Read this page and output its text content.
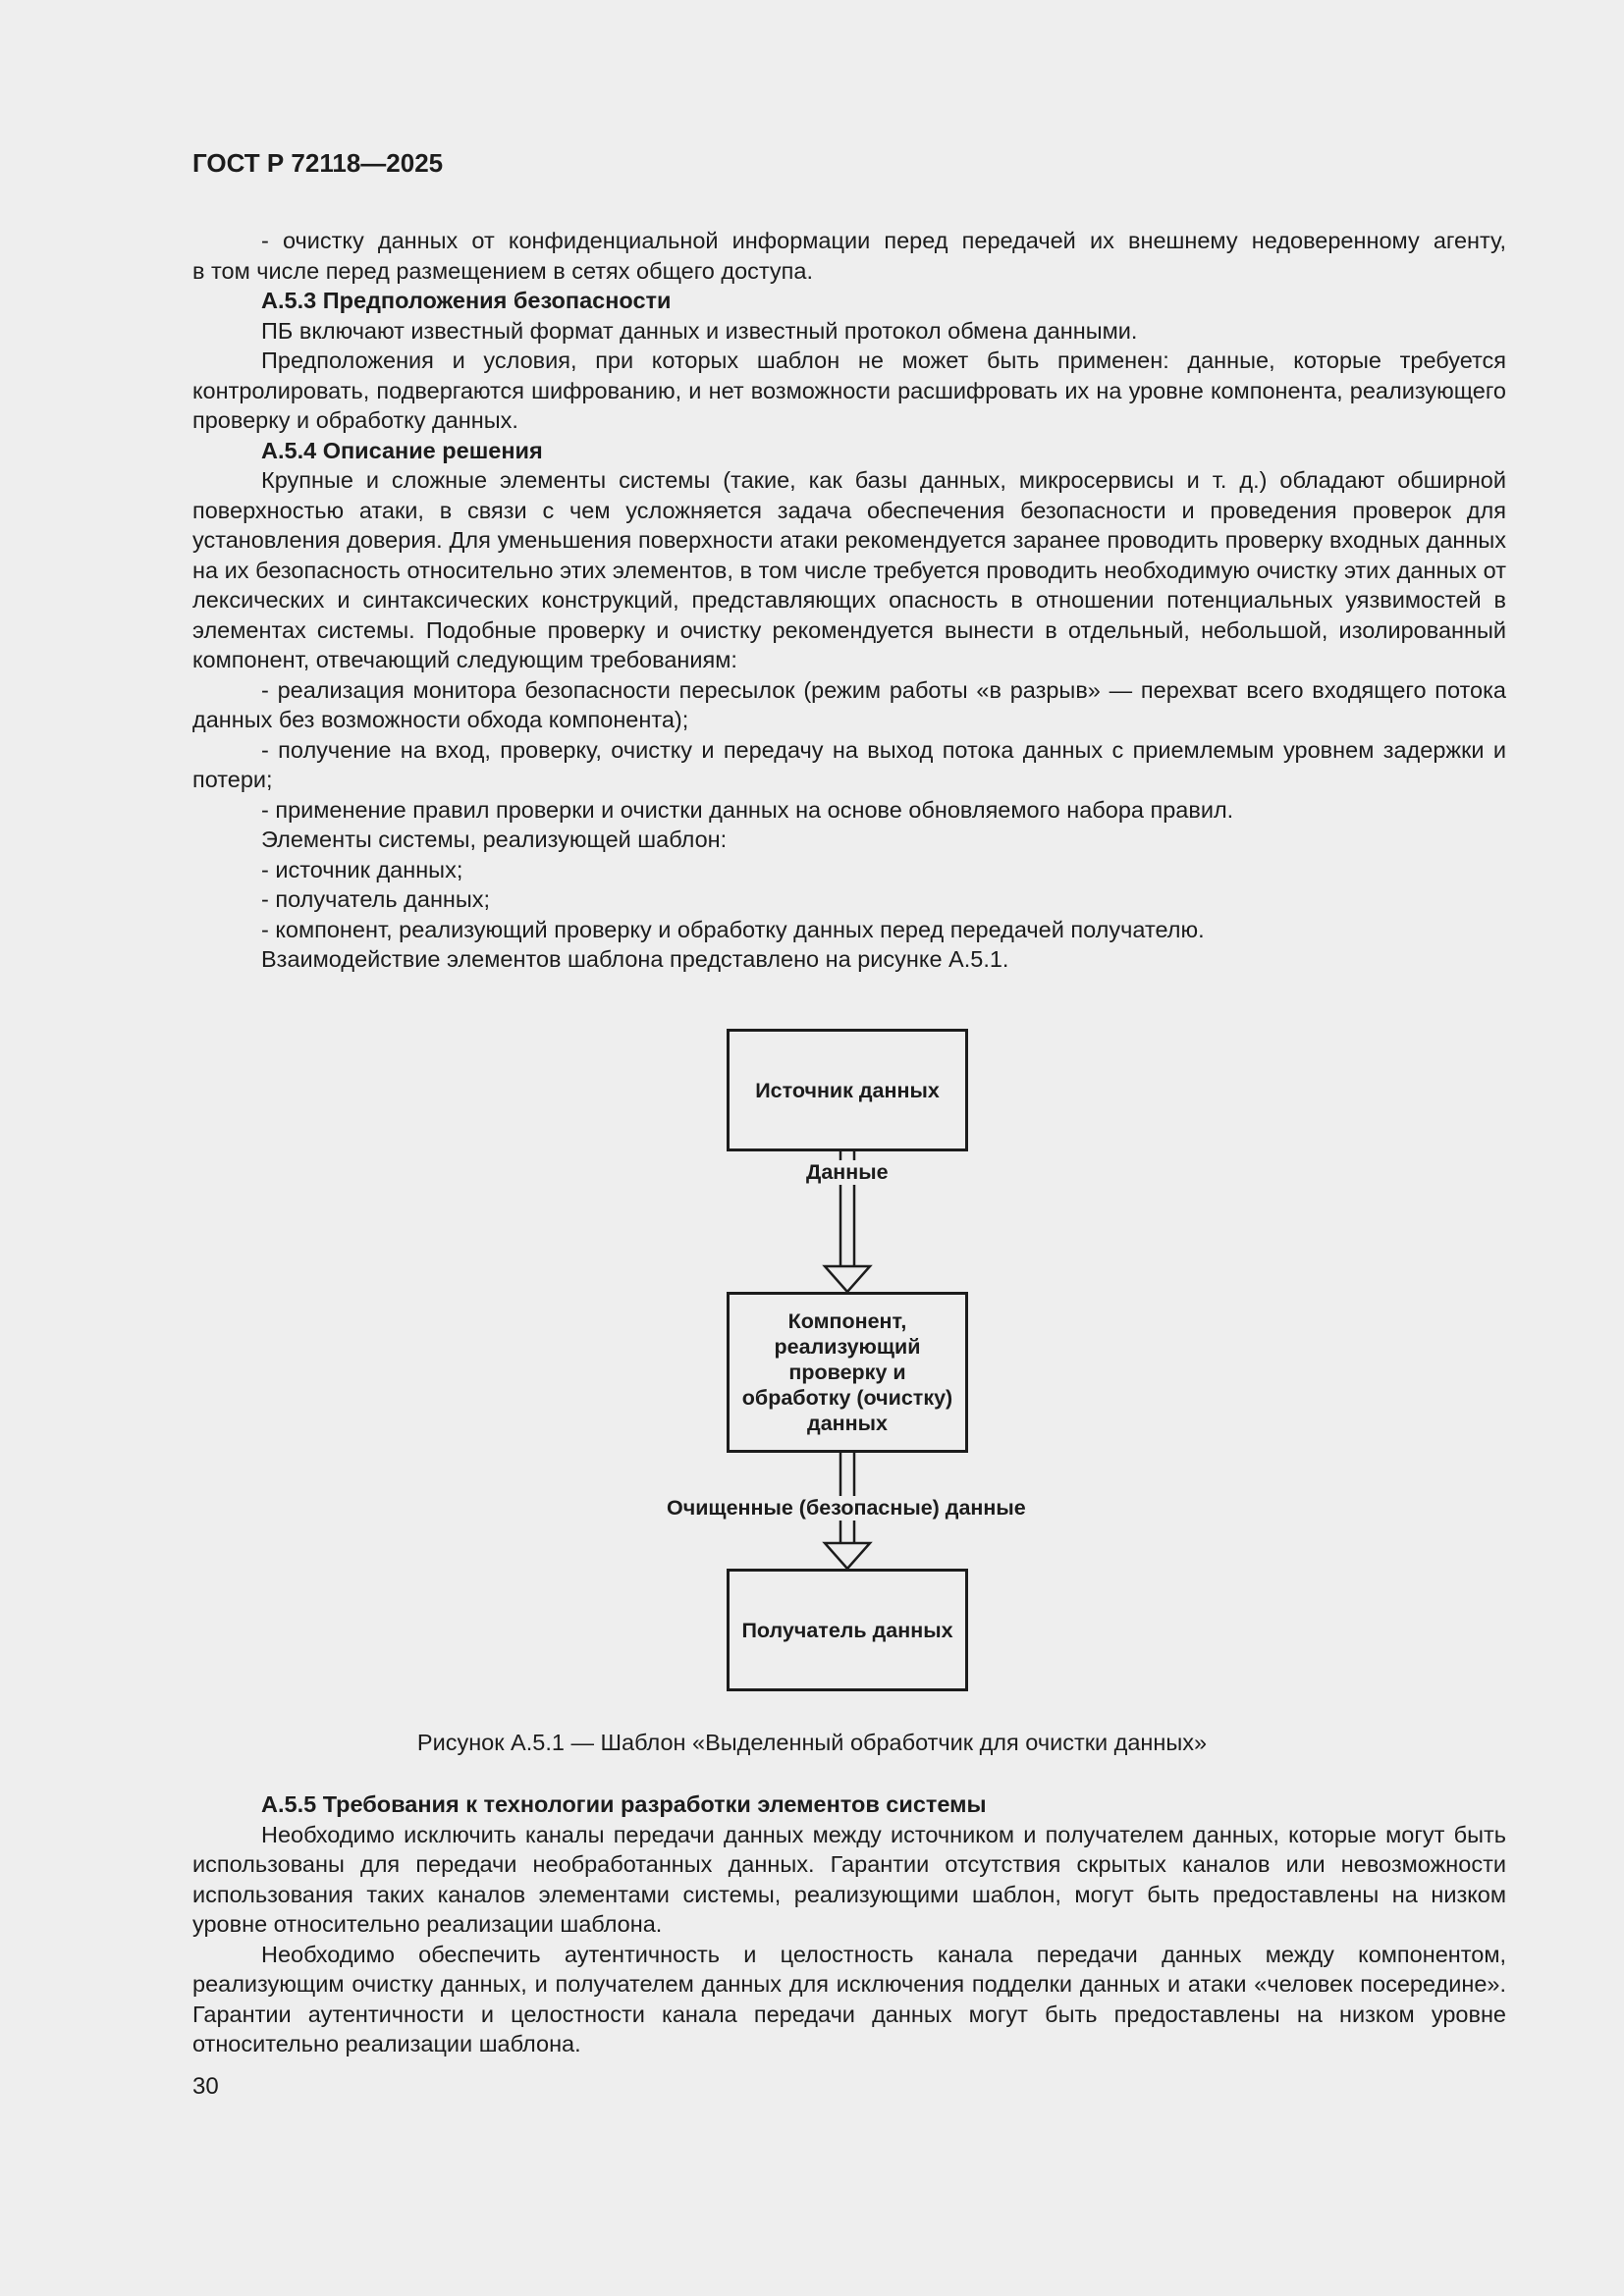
ГОСТ Р 72118—2025

- очистку данных от конфиденциальной информации перед передачей их внешнему недоверенному агенту,

в том числе перед размещением в сетях общего доступа.

А.5.3 Предположения безопасности

ПБ включают известный формат данных и известный протокол обмена данными.

Предположения и условия, при которых шаблон не может быть применен: данные, которые требуется контролировать, подвергаются шифрованию, и нет возможности расшифровать их на уровне компонента, реализующего проверку и обработку данных.

А.5.4 Описание решения

Крупные и сложные элементы системы (такие, как базы данных, микросервисы и т. д.) обладают обширной поверхностью атаки, в связи с чем усложняется задача обеспечения безопасности и проведения проверок для установления доверия. Для уменьшения поверхности атаки рекомендуется заранее проводить проверку входных данных на их безопасность относительно этих элементов, в том числе требуется проводить необходимую очистку этих данных от лексических и синтаксических конструкций, представляющих опасность в отношении потенциальных уязвимостей в элементах системы. Подобные проверку и очистку рекомендуется вынести в отдельный, небольшой, изолированный компонент, отвечающий следующим требованиям:

- реализация монитора безопасности пересылок (режим работы «в разрыв» — перехват всего входящего потока данных без возможности обхода компонента);

- получение на вход, проверку, очистку и передачу на выход потока данных с приемлемым уровнем задержки и потери;

- применение правил проверки и очистки данных на основе обновляемого набора правил.

Элементы системы, реализующей шаблон:

- источник данных;

- получатель данных;

- компонент, реализующий проверку и обработку данных перед передачей получателю.

Взаимодействие элементов шаблона представлено на рисунке А.5.1.

Источник данных
Данные
Компонент, реализующий проверку и обработку (очистку) данных
Очищенные (безопасные) данные
Получатель данных
Рисунок А.5.1 — Шаблон «Выделенный обработчик для очистки данных»
А.5.5 Требования к технологии разработки элементов системы

Необходимо исключить каналы передачи данных между источником и получателем данных, которые могут быть использованы для передачи необработанных данных. Гарантии отсутствия скрытых каналов или невозможности использования таких каналов элементами системы, реализующими шаблон, могут быть предоставлены на низком уровне относительно реализации шаблона.

Необходимо обеспечить аутентичность и целостность канала передачи данных между компонентом, реализующим очистку данных, и получателем данных для исключения подделки данных и атаки «человек посередине». Гарантии аутентичности и целостности канала передачи данных могут быть предоставлены на низком уровне относительно реализации шаблона.

30
